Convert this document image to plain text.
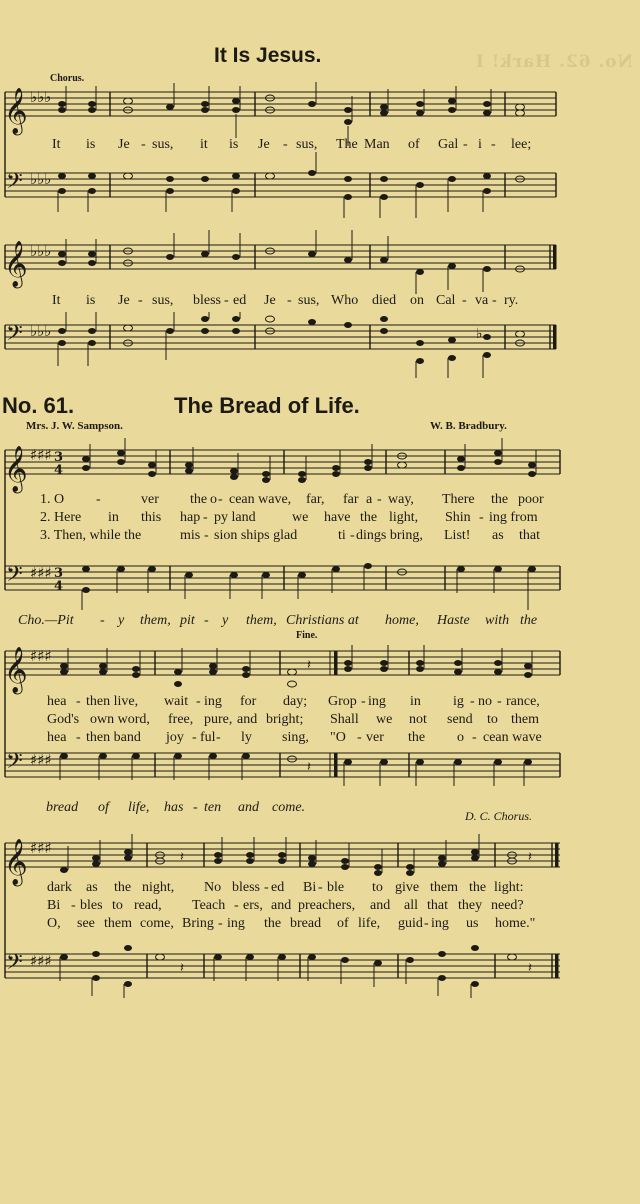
No. 62. Hark! I
It Is Jesus.
Chorus.
𝄞
𝄢
𝄞
♭♭♭
♭♭♭
♭♭♭

It

is

Je

-

sus,

it

is

Je

-

sus,

The

Man

of

Gal

-

i

-

lee;

It

is

Je

-

sus,

bless

-

ed

Je

-

sus,

Who

died

on

Cal

-

va

-

ry.

𝄢 ♭♭♭	♭
No. 61.	The Bread of Life.
Mrs. J. W. Sampson.	W. B. Bradbury.
𝄞
𝄢
♯♯♯
♯♯♯
3
4
3
4

1. O

-

	ver

the

o

-

cean wave,

far,

far

a

-

way,

There

the

poor

2. Here

in

this

hap

-

py land

	we

have

the

light,

Shin

-

ing from

3. Then, while the

	mis

-

sion ships glad

	ti

-

dings bring,

List!

as

that

Cho.—Pit

-

y

them,

pit

-

y

them,

Christians at

home,

Haste

with

the

Fine.
𝄞
𝄢
♯♯♯
♯♯♯
𝄽
𝄽

hea

-

then live,

wait

-

ing

for

day;

Grop

-

ing

in

ig

-

no

-

rance,

God's

own word,

free,

pure,

and

bright;

Shall

we

not

send

to

them

hea

-

then band

joy

-

ful

-

ly

sing,

"O

-

ver

the

o

-

cean wave

bread

of

life,

has

-

ten

and

come.

D. C. Chorus.
𝄞
𝄢
♯♯♯
♯♯♯
𝄽
𝄽
𝄽
𝄽

dark

as

the

night,

No

bless

-

ed

Bi

-

ble

to

give

them

the

light:

Bi

-

bles

to

read,

Teach

-

ers,

and

preachers,

and

all

that

they

need?

O,

see

them

come,

Bring

-

ing

the

bread

of

life,

guid

-

ing

us

home."
